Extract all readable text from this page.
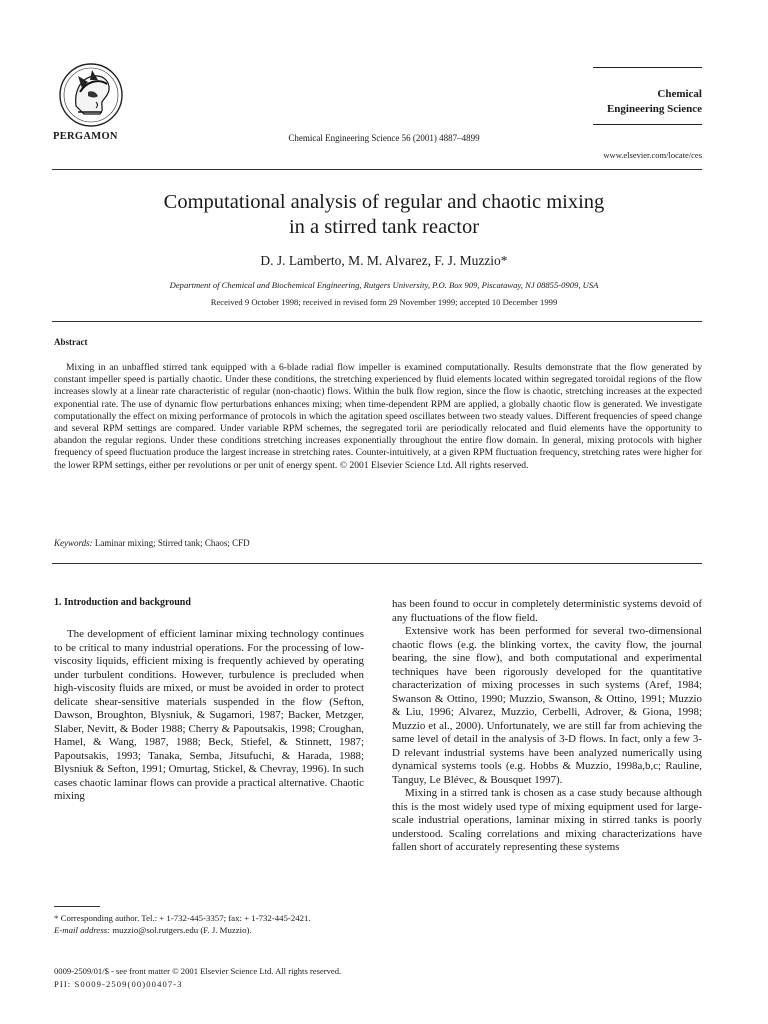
PERGAMON	Chemical Engineering Science 56 (2001) 4887–4899
Chemical
Engineering Science
www.elsevier.com/locate/ces
Computational analysis of regular and chaotic mixing
in a stirred tank reactor
D. J. Lamberto, M. M. Alvarez, F. J. Muzzio*
Department of Chemical and Biochemical Engineering, Rutgers University, P.O. Box 909, Piscataway, NJ 08855-0909, USA
Received 9 October 1998; received in revised form 29 November 1999; accepted 10 December 1999
Abstract
Mixing in an unbaffled stirred tank equipped with a 6-blade radial flow impeller is examined computationally. Results demonstrate that the flow generated by constant impeller speed is partially chaotic. Under these conditions, the stretching experienced by fluid elements located within segregated toroidal regions of the flow increases slowly at a linear rate characteristic of regular (non-chaotic) flows. Within the bulk flow region, since the flow is chaotic, stretching increases at the expected exponential rate. The use of dynamic flow perturbations enhances mixing; when time-dependent RPM are applied, a globally chaotic flow is generated. We investigate computationally the effect on mixing performance of protocols in which the agitation speed oscillates between two steady values. Different frequencies of speed change and several RPM settings are compared. Under variable RPM schemes, the segregated torii are periodically relocated and fluid elements have the opportunity to abandon the regular regions. Under these conditions stretching increases exponentially throughout the entire flow domain. In general, mixing protocols with higher frequency of speed fluctuation produce the largest increase in stretching rates. Counter-intuitively, at a given RPM fluctuation frequency, stretching rates were higher for the lower RPM settings, either per revolutions or per unit of energy spent. © 2001 Elsevier Science Ltd. All rights reserved.
Keywords: Laminar mixing; Stirred tank; Chaos; CFD
1. Introduction and background
The development of efficient laminar mixing technology continues to be critical to many industrial operations. For the processing of low-viscosity liquids, efficient mixing is frequently achieved by operating under turbulent conditions. However, turbulence is precluded when high-viscosity fluids are mixed, or must be avoided in order to protect delicate shear-sensitive materials suspended in the flow (Sefton, Dawson, Broughton, Blysniuk, & Sugamori, 1987; Backer, Metzger, Slaber, Nevitt, & Boder 1988; Cherry & Papoutsakis, 1998; Croughan, Hamel, & Wang, 1987, 1988; Beck, Stiefel, & Stinnett, 1987; Papoutsakis, 1993; Tanaka, Semba, Jitsufuchi, & Harada, 1988; Blysniuk & Sefton, 1991; Omurtag, Stickel, & Chevray, 1996). In such cases chaotic laminar flows can provide a practical alternative. Chaotic mixing

has been found to occur in completely deterministic systems devoid of any fluctuations of the flow field.

Extensive work has been performed for several two-dimensional chaotic flows (e.g. the blinking vortex, the cavity flow, the journal bearing, the sine flow), and both computational and experimental techniques have been rigorously developed for the quantitative characterization of mixing processes in such systems (Aref, 1984; Swanson & Ottino, 1990; Muzzio, Swanson, & Ottino, 1991; Muzzio & Liu, 1996; Alvarez, Muzzio, Cerbelli, Adrover, & Giona, 1998; Muzzio et al., 2000). Unfortunately, we are still far from achieving the same level of detail in the analysis of 3-D flows. In fact, only a few 3-D relevant industrial systems have been analyzed numerically using dynamical systems tools (e.g. Hobbs & Muzzio, 1998a,b,c; Rauline, Tanguy, Le Blévec, & Bousquet 1997).

Mixing in a stirred tank is chosen as a case study because although this is the most widely used type of mixing equipment used for large-scale industrial operations, laminar mixing in stirred tanks is poorly understood. Scaling correlations and mixing characterizations have fallen short of accurately representing these systems

* Corresponding author. Tel.: + 1-732-445-3357; fax: + 1-732-445-2421.
E-mail address: muzzio@sol.rutgers.edu (F. J. Muzzio).
0009-2509/01/$ - see front matter © 2001 Elsevier Science Ltd. All rights reserved.
PII: S0009-2509(00)00407-3
